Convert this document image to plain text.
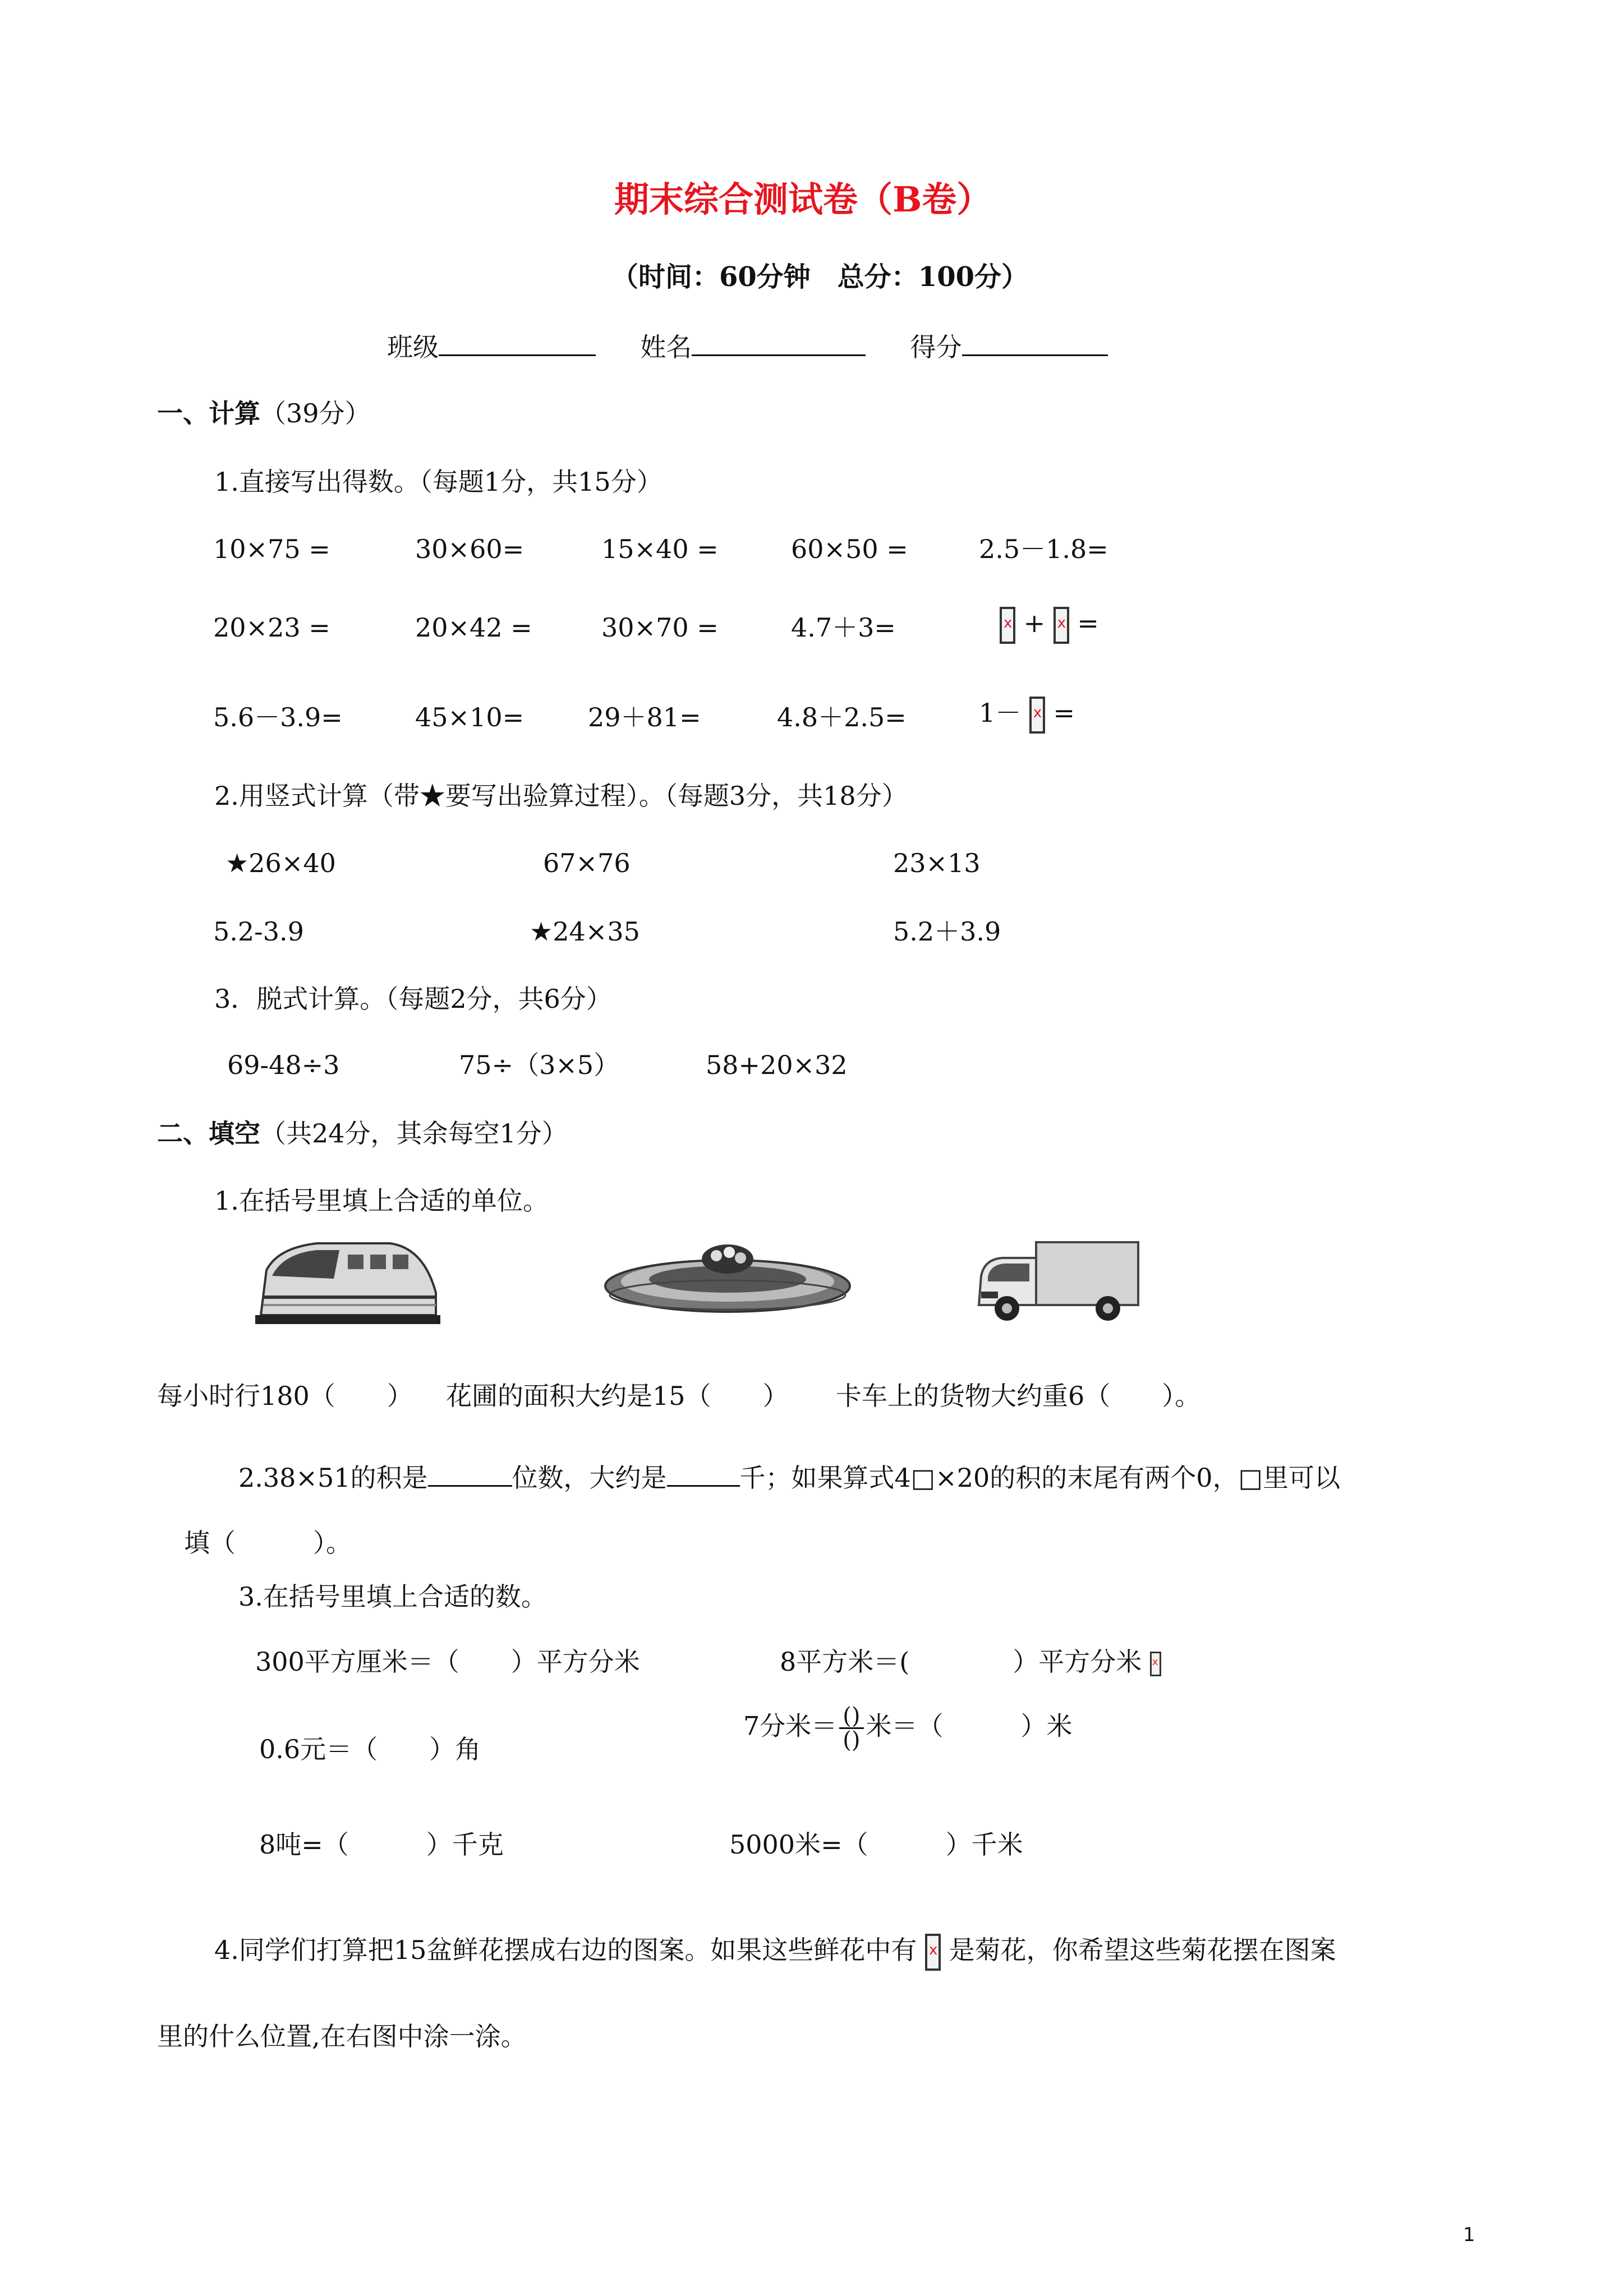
期末综合测试卷（B卷）
（时间：60分钟　总分：100分）
班级	姓名	得分
一、计算（39分）
1.直接写出得数。（每题1分，共15分）
10×75 =	30×60=	15×40 =	60×50 =	2.5－1.8=
20×23 =	20×42 =	30×70 =	4.7＋3= x	+ x =
5.6－3.9=	45×10= 29＋81=	4.8＋2.5=	1－ x =
2.用竖式计算（带★要写出验算过程）。（每题3分，共18分）
★26×40	67×76	23×13
5.2-3.9	★24×35	5.2＋3.9
3．脱式计算。（每题2分，共6分）
69-48÷3	75÷（3×5）	58+20×32
二、填空（共24分，其余每空1分）
1.在括号里填上合适的单位。
每小时行180（　　） 花圃的面积大约是15（　　） 卡车上的货物大约重6（　　）。
2.38×51的积是	位数，大约是	千；如果算式4□×20的积的末尾有两个0，□里可以
填（　　　）。
3.在括号里填上合适的数。
300平方厘米＝（　　）平方分米	8平方米＝(　　　　）平方分米 x
0.6元＝（　　）角
7分米＝ $\frac{()}{()}$ 米＝（　　　）米
8吨=（　　　）千克	5000米=（　　　）千米
4.同学们打算把15盆鲜花摆成右边的图案。如果这些鲜花中有 x 是菊花，你希望这些菊花摆在图案
里的什么位置,在右图中涂一涂。
1
